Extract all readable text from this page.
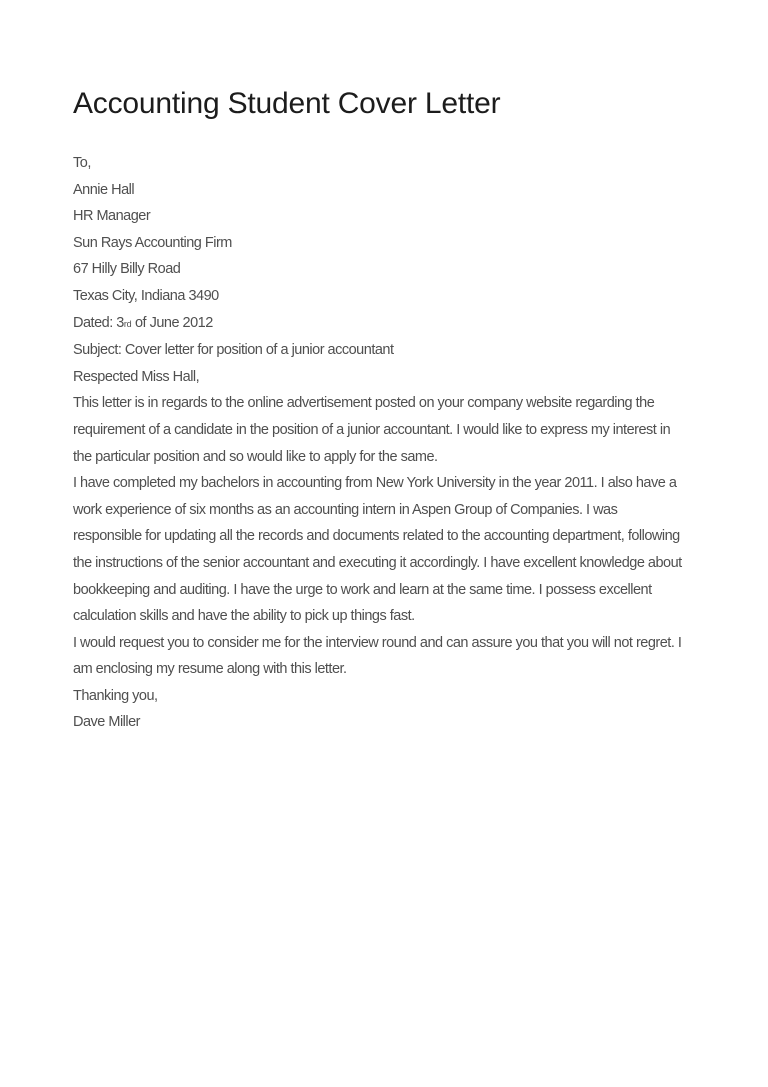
Accounting Student Cover Letter
To,
Annie Hall
HR Manager
Sun Rays Accounting Firm
67 Hilly Billy Road
Texas City, Indiana 3490
Dated: 3rd of June 2012
Subject: Cover letter for position of a junior accountant
Respected Miss Hall,
This letter is in regards to the online advertisement posted on your company website regarding the
requirement of a candidate in the position of a junior accountant. I would like to express my interest in
the particular position and so would like to apply for the same.
I have completed my bachelors in accounting from New York University in the year 2011. I also have a
work experience of six months as an accounting intern in Aspen Group of Companies. I was
responsible for updating all the records and documents related to the accounting department, following
the instructions of the senior accountant and executing it accordingly. I have excellent knowledge about
bookkeeping and auditing. I have the urge to work and learn at the same time. I possess excellent
calculation skills and have the ability to pick up things fast.
I would request you to consider me for the interview round and can assure you that you will not regret. I
am enclosing my resume along with this letter.
Thanking you,
Dave Miller
